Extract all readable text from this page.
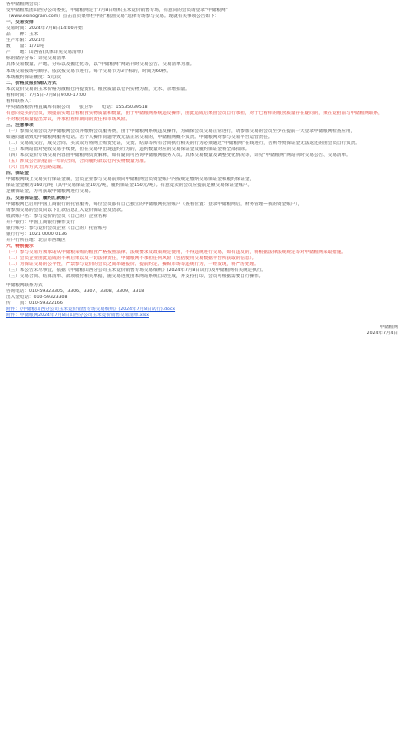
各中储粮网会员：

受中储粮集团山西分公司委托，中储粮网定于7月8日组织玉米竞价销售专场，有意向的会员请登录“中储粮网”

（www.esinograin.com）点击首页菜单栏中的“粮油交易”选择专场参与交易。现就有关事项公告如下：

一、交易安排

交易时间：2024年7月8日14:00开始

品　　种：玉米

生产年限：2021年

数　　量：1/71吨

产　　地：山西省(具体详见交易清单)

标的储存分布：详见交易清单

具体交易数量、产地、分布以及搬迁化等，以“中储粮网”网站刊时交易公告、交易清单为准。

本场交易按场号顺序、依次按交易节进行。每个交易节为3个标的，时间为60秒。

本场履约保证额度：5元/次

二、价格及报价确认方式

本次竞价交易的玉米价格为散粮仓内提货价。粮食质量以仓内实物为准，无水、杂增扣量。

看样时间：7月5日-7月8日9:00-17:00

看样联系人：

中央储备粮忻州直属库有限公司 张卫华 电话：15535039518

有意向竞买的会员，须提前实地自看粮食实物质量和数量，由于中储粮网系统违反操作，由此造成后果由会员自行承担，对于已看样的粮食质量存在疑问的，须在竞拍前与中储粮网联系，

不对粮食质量提出异议，并承担看样期间的责任和市场风险。

三、注意事项

（一）参加交易会员为中储粮网会员并缴纳会员服务费，由于中储粮网系统违反操作，为确保会员交易正常进行，请参加交易的会员至少在提前一天登录中储粮网检查应用，

如遇问题请致电中储粮网服务电话。若个人操作问题导致无法正常交易的，中储粮网概不负责。中储粮网对参与交易平台运营责任。

（二）交易成交后，成交合同、买卖双方将网上购货凭证，交货、结算等所有合同执行相关的行为必须通过“中储粮网”在线进行，否则导致保证金无法返还的由会员自行负责。

（三）本网站留对免收交易手续费，但在交易中出现违约行为的，违约数量对应的交易保证金及履约保证金将全部扣除。

（四）本次竞价专场交易内容由中储粮网负责解释，如有疑问可咨询中储粮网服务人员。具体交易数量及调整变化情况等，详见“中储粮网”网站刊时交易公告、交易清单。

（五）涉及公告的提前一年的合同，合同履约款以仓内实物数量为准。

（六）出库方式为公路运输。

四、保证金

中储粮网线上交易实行保证金制，会员企业参与交易前须向中储粮网会员资金账户内按规定缴纳交易保证金和履约保证金，

保证金金额为160元/吨（其中交易保证金10元/吨，履约保证金150元/吨）。有意竞卖的会员应提前足额交易保证金账户。

足额保证金，方可获取中储粮网进行交易。

五、交易保证金、履约汇款账户

中储粮网已启用中国工商银行的托管服务，每位会员都有自己独立的中储粮网托管账户（查看位置：登录中储粮网后，财务管理—我的资金账户），

请参加交易的会员向以下汇款信息汇入竞价保证金及货款。

收款账户名：参与竞价的会员（自己的）企业名称

开户银行：中国工商银行操作支行

银行账号：参与竞价会员企业（自己的）托管账号

银行行号：1021 0000 0136

开户行所在地：北京市西城区

六、特别提示

（一）参与交易方须承诺从中储粮采购的粮食严格按照法律、法规要求及政策规定使用，不得违规进行交易，如有违反的，将根据法律法规规定等对中储粮网采取措施。

（二）会员企业由此造成的不利后果以及一切法律责任，中储粮网不承担任何风险（包括使用交易数据平台所获取的信息）。

（二）为保证交易的公平性，严禁参与竞价的会员之间串通报价、提前约定、操纵市场等违规行为，一经发现，将严厉处理。

（三）本公告未尽事宜，依据《中储粮山西分公司玉米竞价销售专场交易细则》(2024年7月8日试行)及中储粮网有关规定执行。

（三）交易合同、结算清单、款项收付相关单据，随交易进度由本网站系统自动生成，并支持打印，会员可根据需要自行操作。

中储粮网联系方式

咨询电话：010-59323305、3306、3307、3308、3309、3318

出入金电话：010-59323308

传　　真：010-59322166

附件：《中储粮山西分公司玉米竞价销售专场交易细则》(2024年7月8日试行).docx

附件：中储粮网2024年7月8日山西分公司玉米竞价销售交易清单.xlsx

中储粮网

2024年7月4日
